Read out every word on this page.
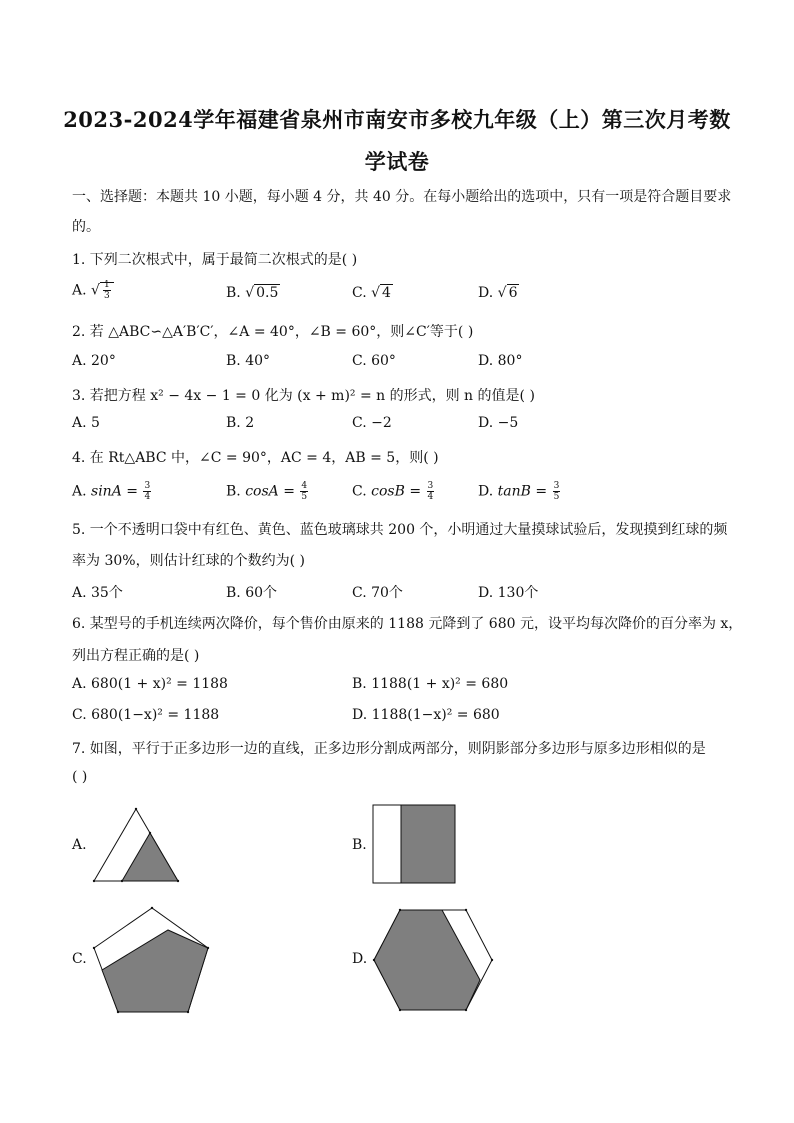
2023-2024学年福建省泉州市南安市多校九年级（上）第三次月考数
学试卷
一、选择题：本题共 10 小题，每小题 4 分，共 40 分。在每小题给出的选项中，只有一项是符合题目要求
的。
1. 下列二次根式中，属于最简二次根式的是( )
A. √ $\frac{1}{3}$	B. √ 0.5	C. √ 4	D. √ 6
2. 若 △ABC∽△A′B′C′，∠A = 40°，∠B = 60°，则∠C′等于( )
A. 20°	B. 40°	C. 60°	D. 80°
3. 若把方程 x² − 4x − 1 = 0 化为 (x + m)² = n 的形式，则 n 的值是( )
A. 5	B. 2	C. −2	D. −5
4. 在 Rt△ABC 中，∠C = 90°，AC = 4，AB = 5，则( )
A. $\sin A = \frac{3}{4}$	B. $\cos A = \frac{4}{5}$	C. $\cos B = \frac{3}{4}$	D. $\tan B = \frac{3}{5}$
5. 一个不透明口袋中有红色、黄色、蓝色玻璃球共 200 个，小明通过大量摸球试验后，发现摸到红球的频
率为 30%，则估计红球的个数约为( )
A. 35个	B. 60个	C. 70个	D. 130个
6. 某型号的手机连续两次降价，每个售价由原来的 1188 元降到了 680 元，设平均每次降价的百分率为 x，
列出方程正确的是( )
A. 680(1 + x)² = 1188	B. 1188(1 + x)² = 680
C. 680(1−x)² = 1188	D. 1188(1−x)² = 680
7. 如图，平行于正多边形一边的直线，正多边形分割成两部分，则阴影部分多边形与原多边形相似的是
( )
A.	B.
C.	D.
